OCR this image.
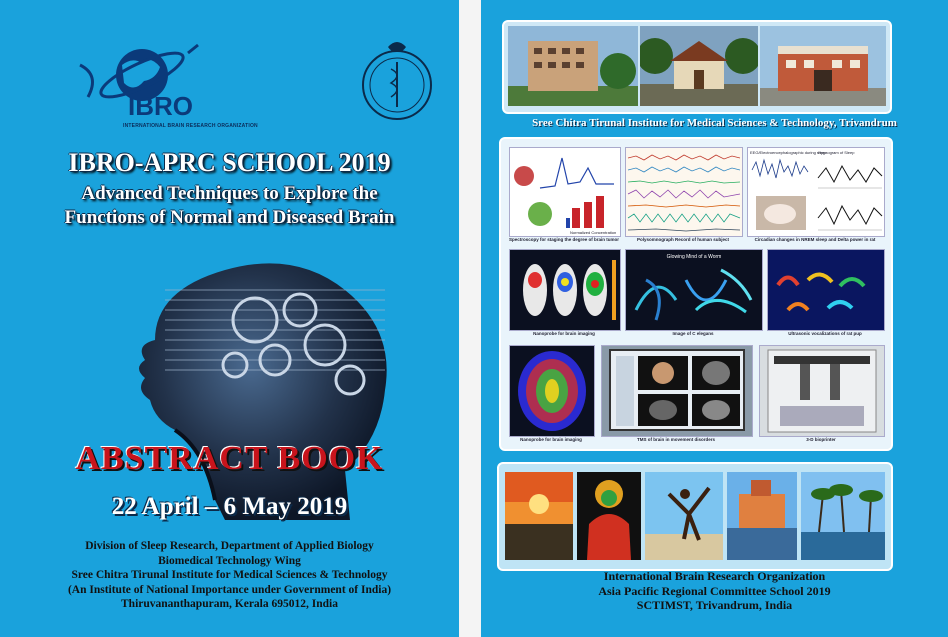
IBRO
INTERNATIONAL BRAIN RESEARCH ORGANIZATION
IBRO-APRC SCHOOL 2019
Advanced Techniques to Explore the
Functions of Normal and Diseased Brain
ABSTRACT BOOK
22 April – 6 May 2019
Division of Sleep Research, Department of Applied Biology
Biomedical Technology Wing
Sree Chitra Tirunal Institute for Medical Sciences & Technology
(An Institute of National Importance under Government of India)
Thiruvananthapuram, Kerala 695012, India
Sree Chitra Tirunal Institute for Medical Sciences & Technology, Trivandrum
Normalized Concentration
EEG/Electroencephalographic during sleep
Hypnogram of Sleep
Spectroscopy for staging the degree of brain tumor	Polysomnograph Record of human subject	Circadian changes in NREM sleep and Delta power in rat
Glowing Mind of a Worm
Nanoprobe for brain imaging	Image of C elegans	Ultrasonic vocalizations of rat pup
Nanoprobe for brain imaging	TMS of brain in movement disorders	3-D bioprinter
International Brain Research Organization
Asia Pacific Regional Committee School 2019
SCTIMST, Trivandrum, India
